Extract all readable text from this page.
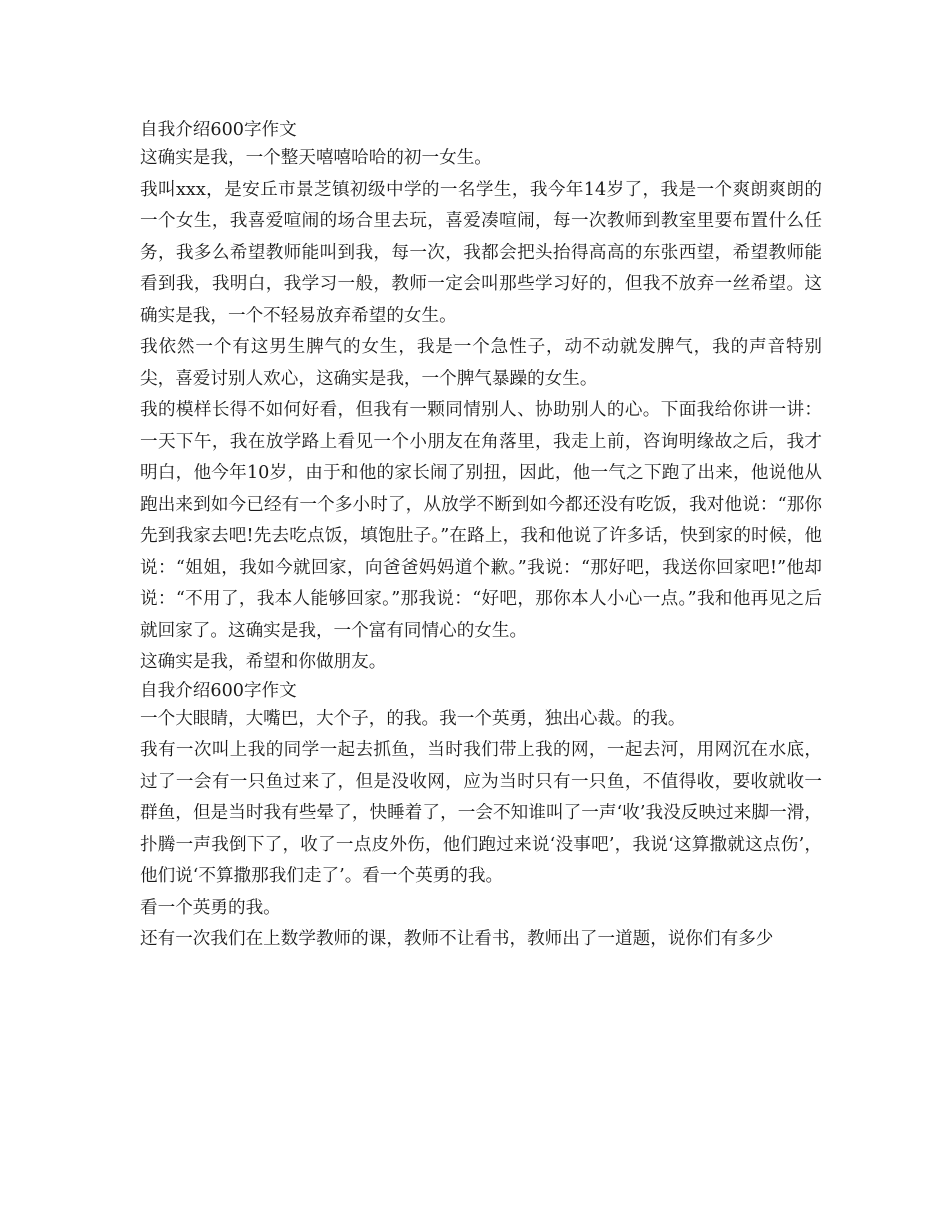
自我介绍600字作文

这确实是我，一个整天嘻嘻哈哈的初一女生。

我叫xxx，是安丘市景芝镇初级中学的一名学生，我今年14岁了，我是一个爽朗爽朗的一个女生，我喜爱喧闹的场合里去玩，喜爱凑喧闹，每一次教师到教室里要布置什么任务，我多么希望教师能叫到我，每一次，我都会把头抬得高高的东张西望，希望教师能看到我，我明白，我学习一般，教师一定会叫那些学习好的，但我不放弃一丝希望。这确实是我，一个不轻易放弃希望的女生。

我依然一个有这男生脾气的女生，我是一个急性子，动不动就发脾气，我的声音特别尖，喜爱讨别人欢心，这确实是我，一个脾气暴躁的女生。

我的模样长得不如何好看，但我有一颗同情别人、协助别人的心。下面我给你讲一讲：一天下午，我在放学路上看见一个小朋友在角落里，我走上前，咨询明缘故之后，我才明白，他今年10岁，由于和他的家长闹了别扭，因此，他一气之下跑了出来，他说他从跑出来到如今已经有一个多小时了，从放学不断到如今都还没有吃饭，我对他说：“那你先到我家去吧!先去吃点饭，填饱肚子。”在路上，我和他说了许多话，快到家的时候，他说：“姐姐，我如今就回家，向爸爸妈妈道个歉。”我说：“那好吧，我送你回家吧!”他却说：“不用了，我本人能够回家。”那我说：“好吧，那你本人小心一点。”我和他再见之后就回家了。这确实是我，一个富有同情心的女生。

这确实是我，希望和你做朋友。

自我介绍600字作文

一个大眼睛，大嘴巴，大个子，的我。我一个英勇，独出心裁。的我。

我有一次叫上我的同学一起去抓鱼，当时我们带上我的网，一起去河，用网沉在水底，过了一会有一只鱼过来了，但是没收网，应为当时只有一只鱼，不值得收，要收就收一群鱼，但是当时我有些晕了，快睡着了，一会不知谁叫了一声‘收’我没反映过来脚一滑，扑腾一声我倒下了，收了一点皮外伤，他们跑过来说‘没事吧’，我说‘这算撒就这点伤’，他们说‘不算撒那我们走了’。看一个英勇的我。

看一个英勇的我。

还有一次我们在上数学教师的课，教师不让看书，教师出了一道题，说你们有多少
